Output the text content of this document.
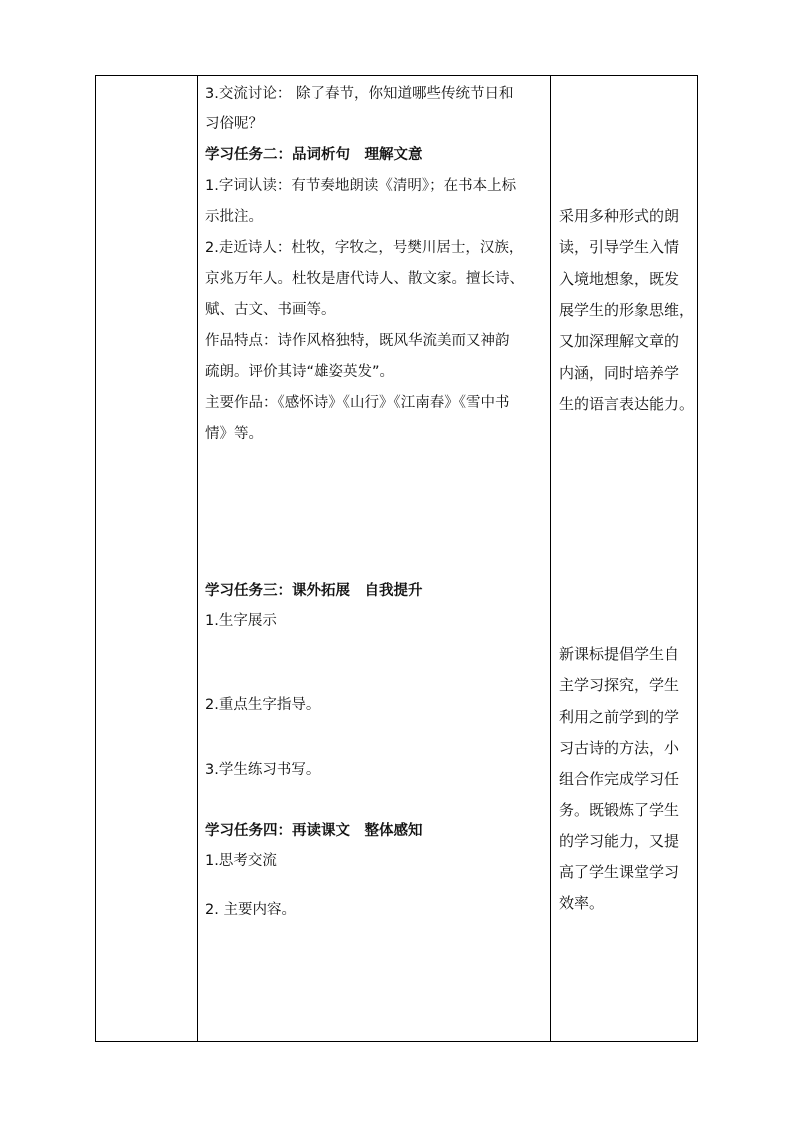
3.交流讨论： 除了春节，你知道哪些传统节日和
习俗呢？
学习任务二：品词析句　理解文意
1.字词认读：有节奏地朗读《清明》；在书本上标
示批注。
2.走近诗人：杜牧，字牧之，号樊川居士，汉族，
京兆万年人。杜牧是唐代诗人、散文家。擅长诗、
赋、古文、书画等。
作品特点：诗作风格独特，既风华流美而又神韵
疏朗。评价其诗“雄姿英发”。
主要作品：《感怀诗》《山行》《江南春》《雪中书
情》等。
学习任务三：课外拓展　自我提升
1.生字展示
2.重点生字指导。
3.学生练习书写。
学习任务四：再读课文　整体感知
1.思考交流
2. 主要内容。
采用多种形式的朗
读，引导学生入情
入境地想象，既发
展学生的形象思维，
又加深理解文章的
内涵，同时培养学
生的语言表达能力。
新课标提倡学生自
主学习探究，学生
利用之前学到的学
习古诗的方法，小
组合作完成学习任
务。既锻炼了学生
的学习能力，又提
高了学生课堂学习
效率。
